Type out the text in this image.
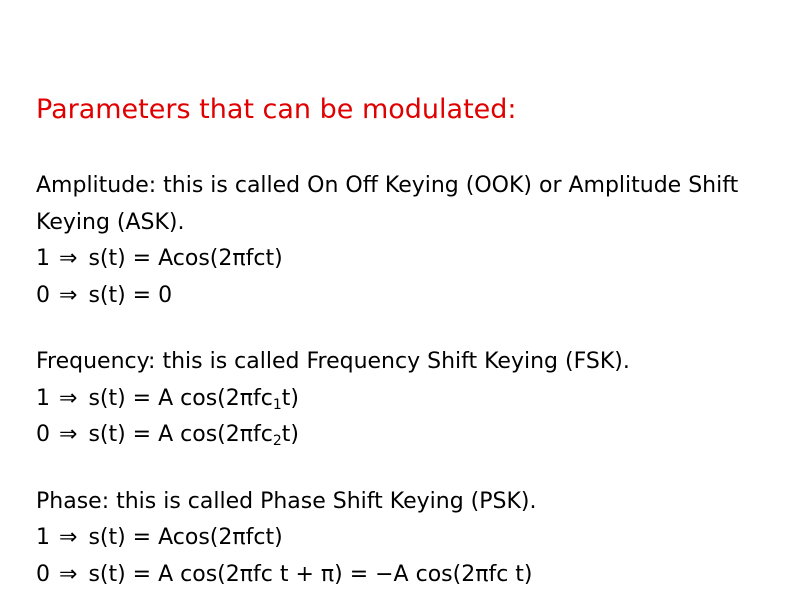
Parameters that can be modulated:
Amplitude: this is called On Off Keying (OOK) or Amplitude Shift Keying (ASK).
1 ⇒ s(t) = Acos(2πfct)
0 ⇒ s(t) = 0
Frequency: this is called Frequency Shift Keying (FSK).
1 ⇒ s(t) = A cos(2πfc$_1$t)
0 ⇒ s(t) = A cos(2πfc$_2$t)
Phase: this is called Phase Shift Keying (PSK).
1 ⇒ s(t) = Acos(2πfct)
0 ⇒ s(t) = A cos(2πfc t + π) = −A cos(2πfc t)
